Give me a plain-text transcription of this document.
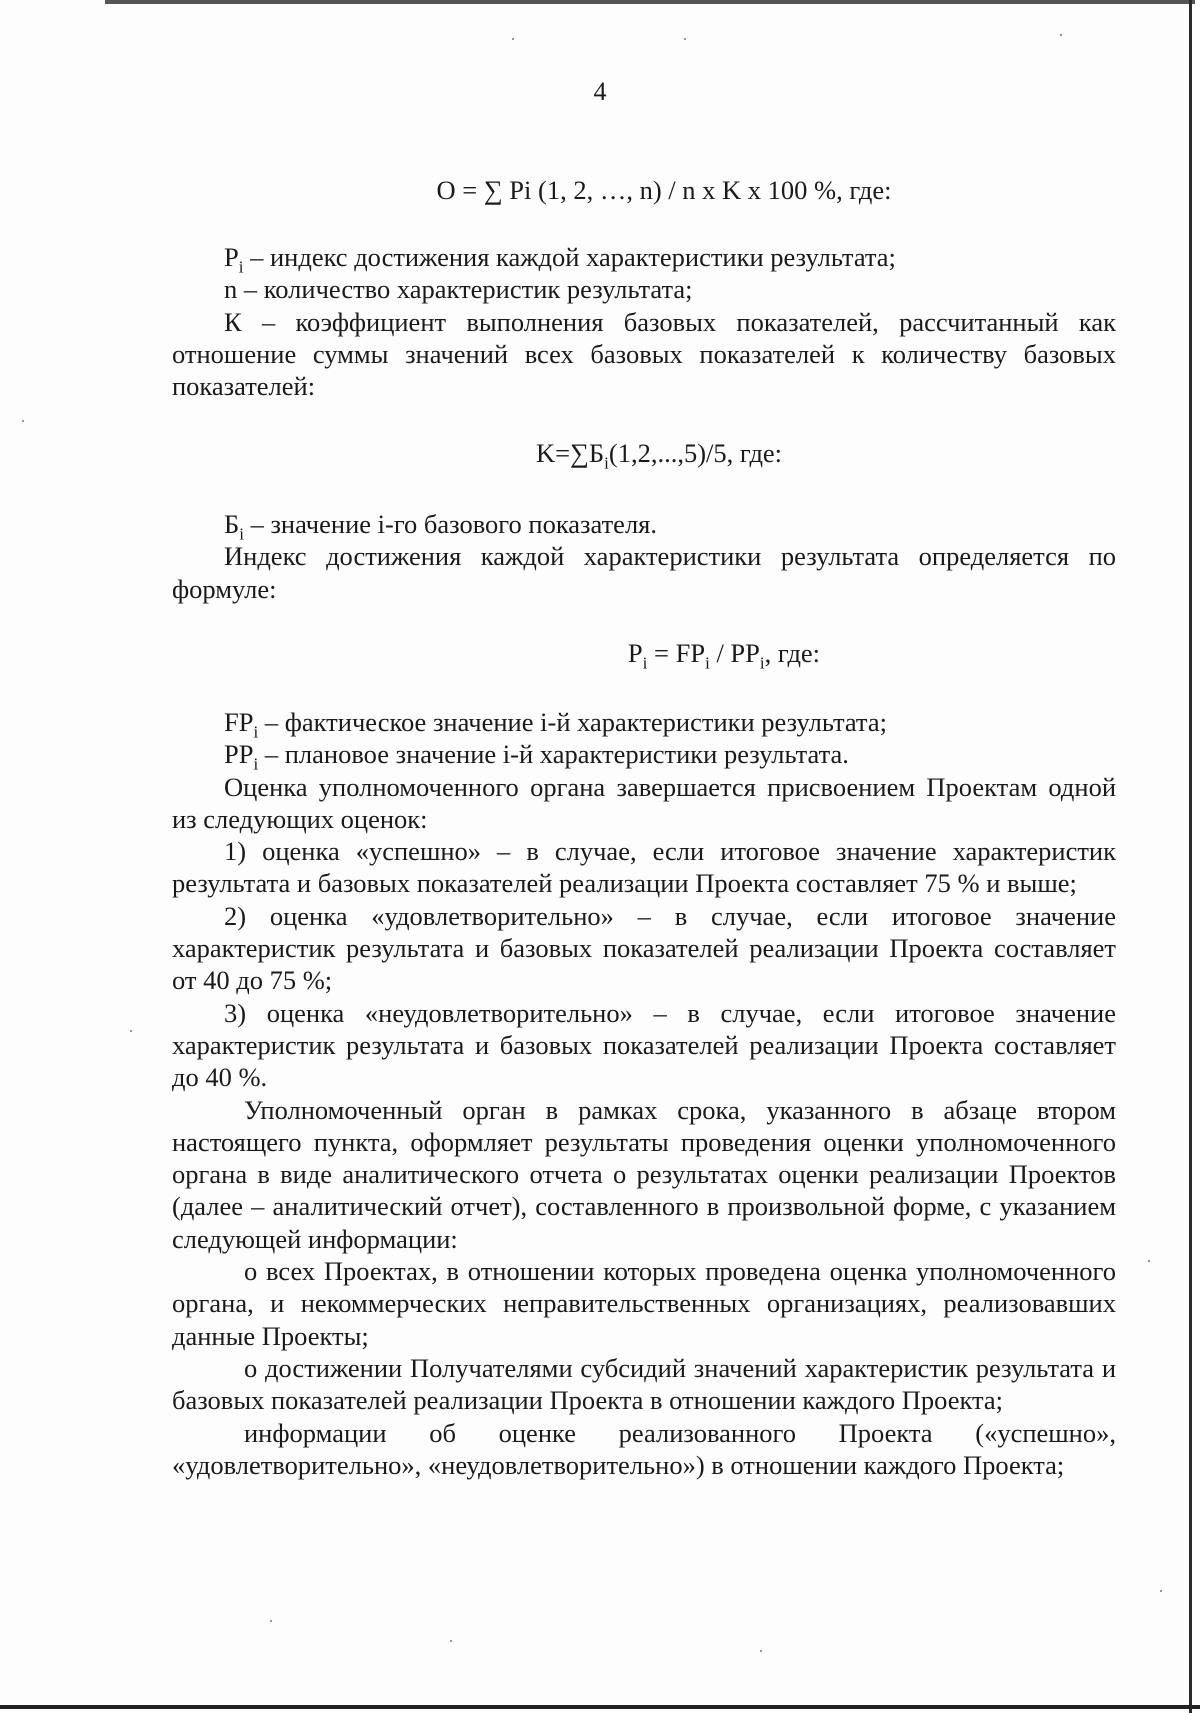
4

O = ∑ Pi (1, 2, …, n) / n x K x 100 %, где:

$P_i$ – индекс достижения каждой характеристики результата;

n – количество характеристик результата;

К – коэффициент выполнения базовых показателей, рассчитанный как отношение суммы значений всех базовых показателей к количеству базовых показателей:

$K=\sum Б_i(1,2,...,5)/5$, где:

$Б_i$ – значение i-го базового показателя.

Индекс достижения каждой характеристики результата определяется по формуле:

$P_i = FP_i / PP_i$, где:

$FP_i$ – фактическое значение i-й характеристики результата;

$PP_i$ – плановое значение i-й характеристики результата.

Оценка уполномоченного органа завершается присвоением Проектам одной из следующих оценок:

1) оценка «успешно» – в случае, если итоговое значение характеристик результата и базовых показателей реализации Проекта составляет 75 % и выше;

2) оценка «удовлетворительно» – в случае, если итоговое значение характеристик результата и базовых показателей реализации Проекта составляет от 40 до 75 %;

3) оценка «неудовлетворительно» – в случае, если итоговое значение характеристик результата и базовых показателей реализации Проекта составляет до 40 %.

Уполномоченный орган в рамках срока, указанного в абзаце втором настоящего пункта, оформляет результаты проведения оценки уполномоченного органа в виде аналитического отчета о результатах оценки реализации Проектов (далее – аналитический отчет), составленного в произвольной форме, с указанием следующей информации:

о всех Проектах, в отношении которых проведена оценка уполномоченного органа, и некоммерческих неправительственных организациях, реализовавших данные Проекты;

о достижении Получателями субсидий значений характеристик результата и базовых показателей реализации Проекта в отношении каждого Проекта;

информации об оценке реализованного Проекта («успешно», «удовлетворительно», «неудовлетворительно») в отношении каждого Проекта;
